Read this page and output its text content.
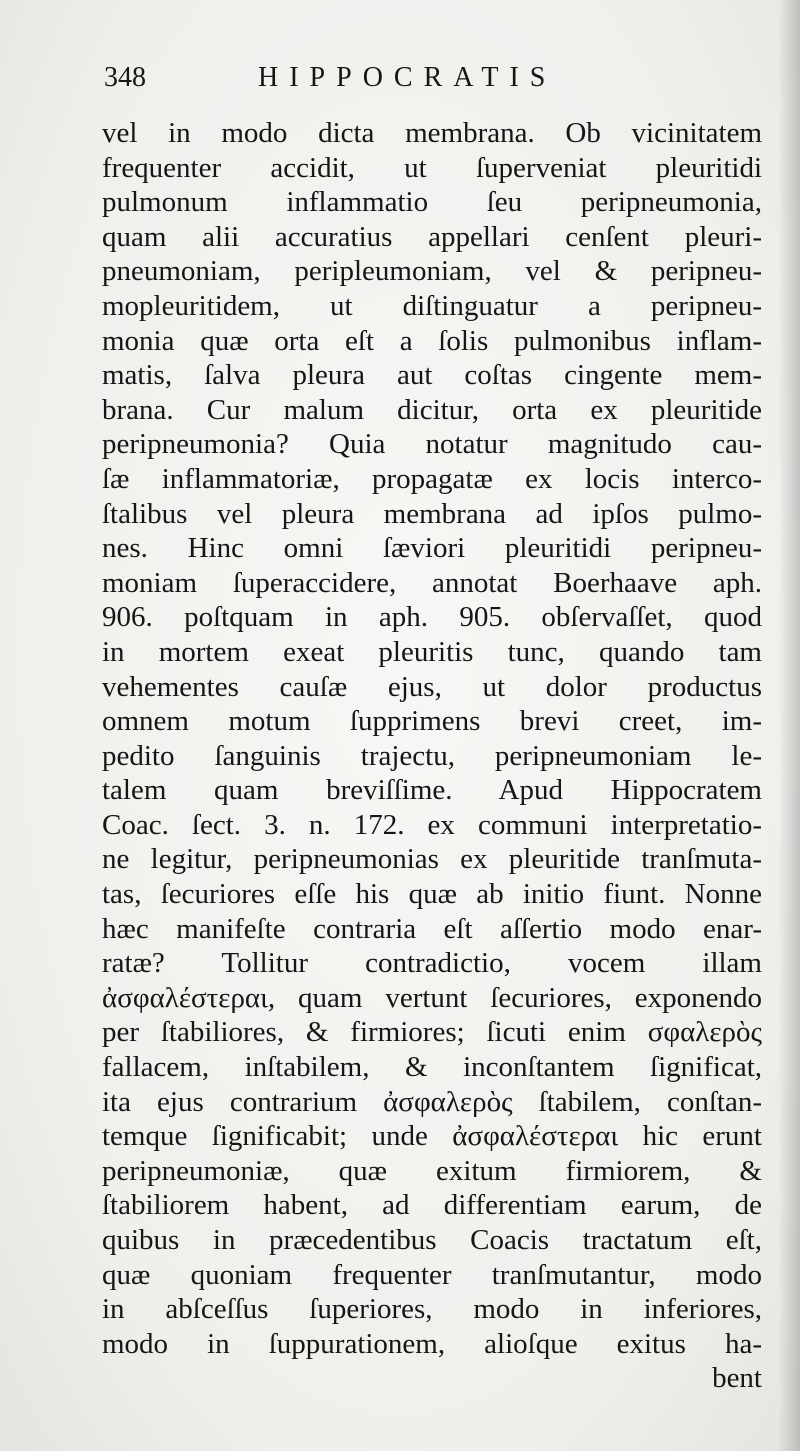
348	HIPPOCRATIS
vel in modo dicta membrana. Ob vicinitatem
frequenter accidit, ut ſuperveniat pleuritidi
pulmonum inflammatio ſeu peripneumonia,
quam alii accuratius appellari cenſent pleuri-
pneumoniam, peripleumoniam, vel & peripneu-
mopleuritidem, ut diſtinguatur a peripneu-
monia quæ orta eſt a ſolis pulmonibus inflam-
matis, ſalva pleura aut coſtas cingente mem-
brana. Cur malum dicitur, orta ex pleuritide
peripneumonia? Quia notatur magnitudo cau-
ſæ inflammatoriæ, propagatæ ex locis interco-
ſtalibus vel pleura membrana ad ipſos pulmo-
nes. Hinc omni ſæviori pleuritidi peripneu-
moniam ſuperaccidere, annotat Boerhaave aph.
906. poſtquam in aph. 905. obſervaſſet, quod
in mortem exeat pleuritis tunc, quando tam
vehementes cauſæ ejus, ut dolor productus
omnem motum ſupprimens brevi creet, im-
pedito ſanguinis trajectu, peripneumoniam le-
talem quam breviſſime. Apud Hippocratem
Coac. ſect. 3. n. 172. ex communi interpretatio-
ne legitur, peripneumonias ex pleuritide tranſmuta-
tas, ſecuriores eſſe his quæ ab initio fiunt. Nonne
hæc manifeſte contraria eſt aſſertio modo enar-
ratæ? Tollitur contradictio, vocem illam
ἀσφαλέστεραι, quam vertunt ſecuriores, exponendo
per ſtabiliores, & firmiores; ſicuti enim σφαλερὸς
fallacem, inſtabilem, & inconſtantem ſignificat,
ita ejus contrarium ἀσφαλερὸς ſtabilem, conſtan-
temque ſignificabit; unde ἀσφαλέστεραι hic erunt
peripneumoniæ, quæ exitum firmiorem, &
ſtabiliorem habent, ad differentiam earum, de
quibus in præcedentibus Coacis tractatum eſt,
quæ quoniam frequenter tranſmutantur, modo
in abſceſſus ſuperiores, modo in inferiores,
modo in ſuppurationem, alioſque exitus ha-
bent
